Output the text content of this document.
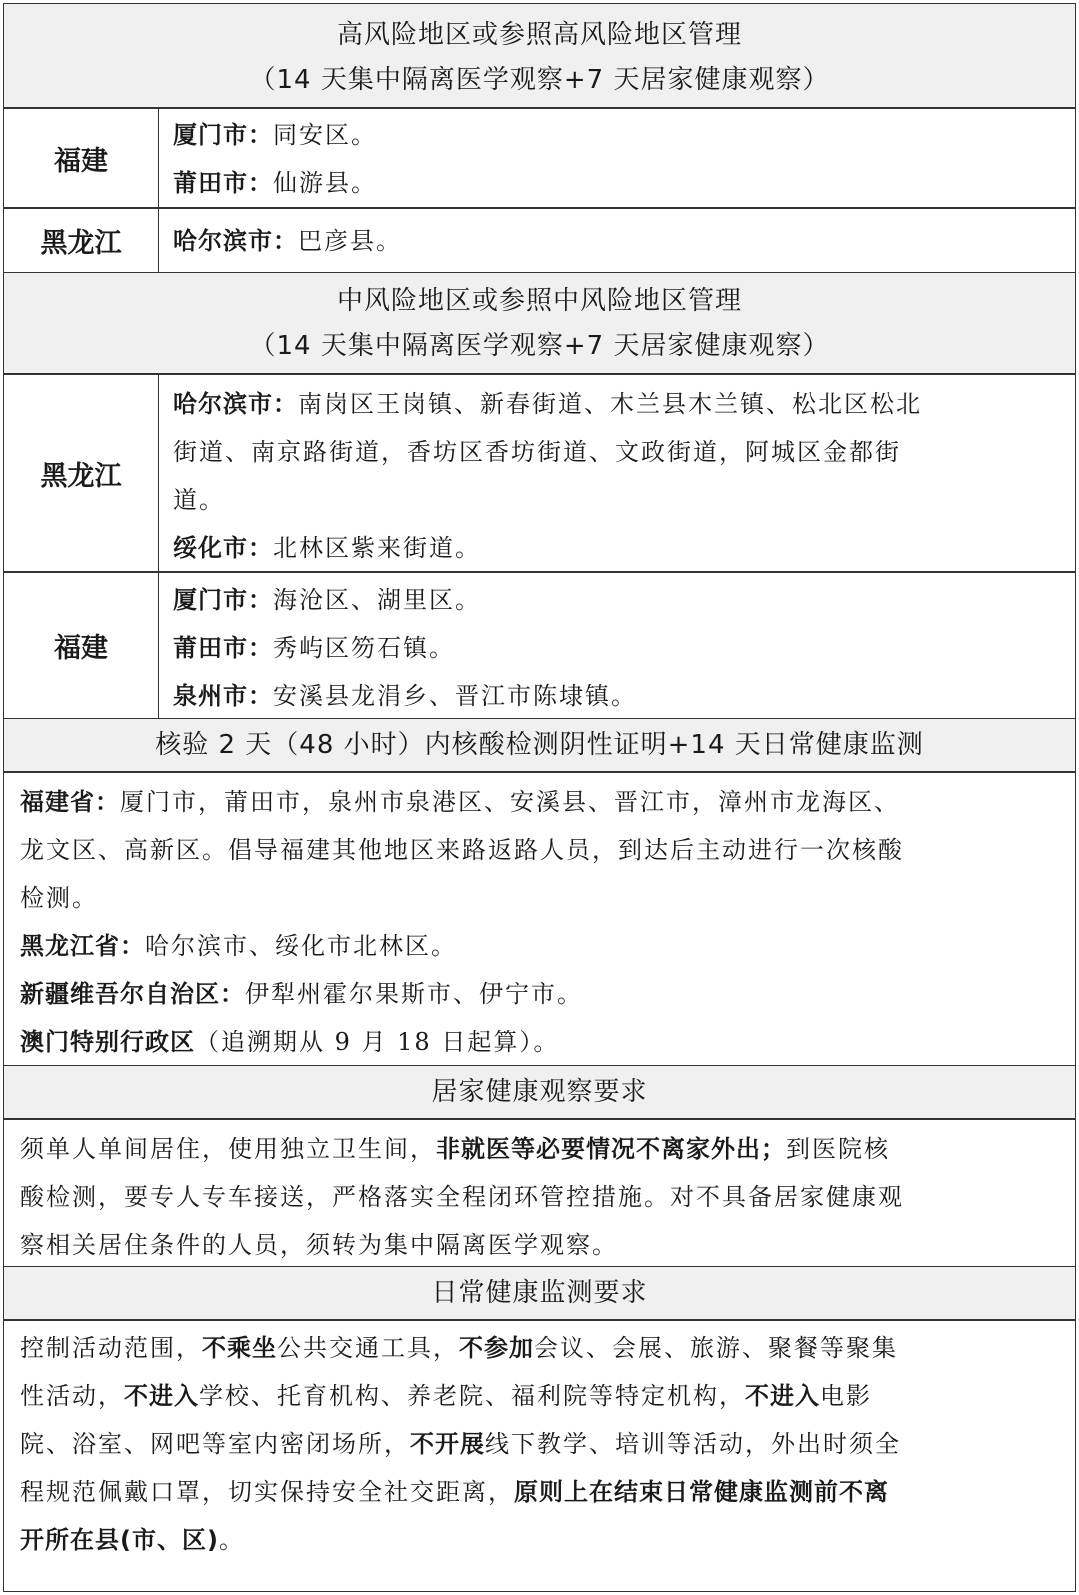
高风险地区或参照高风险地区管理
（14 天集中隔离医学观察+7 天居家健康观察）
福建
厦门市：同安区。
莆田市：仙游县。
黑龙江	哈尔滨市：巴彦县。
中风险地区或参照中风险地区管理
（14 天集中隔离医学观察+7 天居家健康观察）
黑龙江
哈尔滨市：南岗区王岗镇、新春街道、木兰县木兰镇、松北区松北
街道、南京路街道，香坊区香坊街道、文政街道，阿城区金都街
道。
绥化市：北林区紫来街道。
福建
厦门市：海沧区、湖里区。
莆田市：秀屿区笏石镇。
泉州市：安溪县龙涓乡、晋江市陈埭镇。
核验 2 天（48 小时）内核酸检测阴性证明+14 天日常健康监测
福建省：厦门市，莆田市，泉州市泉港区、安溪县、晋江市，漳州市龙海区、
龙文区、高新区。倡导福建其他地区来路返路人员，到达后主动进行一次核酸
检测。
黑龙江省：哈尔滨市、绥化市北林区。
新疆维吾尔自治区：伊犁州霍尔果斯市、伊宁市。
澳门特别行政区（追溯期从 9 月 18 日起算）。
居家健康观察要求
须单人单间居住，使用独立卫生间，非就医等必要情况不离家外出；到医院核
酸检测，要专人专车接送，严格落实全程闭环管控措施。对不具备居家健康观
察相关居住条件的人员，须转为集中隔离医学观察。
日常健康监测要求
控制活动范围，不乘坐公共交通工具，不参加会议、会展、旅游、聚餐等聚集
性活动，不进入学校、托育机构、养老院、福利院等特定机构，不进入电影
院、浴室、网吧等室内密闭场所，不开展线下教学、培训等活动，外出时须全
程规范佩戴口罩，切实保持安全社交距离，原则上在结束日常健康监测前不离
开所在县(市、区)。
